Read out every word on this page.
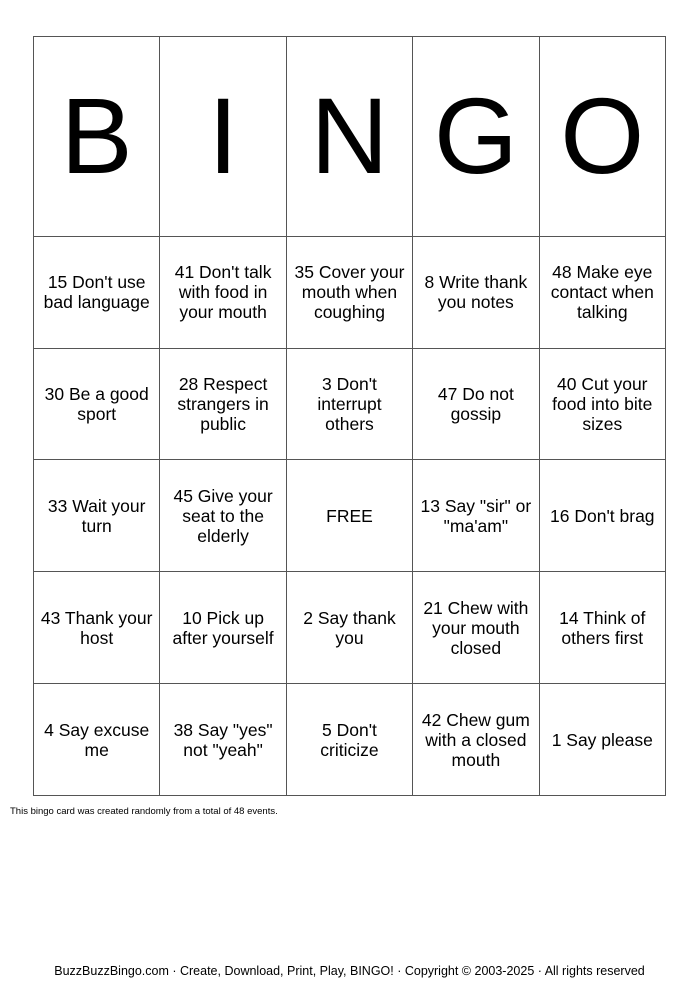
B	I	N	G	O
15 Don't use bad language	41 Don't talk with food in your mouth	35 Cover your mouth when coughing	8 Write thank you notes	48 Make eye contact when talking
30 Be a good sport	28 Respect strangers in public	3 Don't interrupt others	47 Do not gossip	40 Cut your food into bite sizes
33 Wait your turn	45 Give your seat to the elderly	FREE	13 Say "sir" or "ma'am"	16 Don't brag
43 Thank your host	10 Pick up after yourself	2 Say thank you	21 Chew with your mouth closed	14 Think of others first
4 Say excuse me	38 Say "yes" not "yeah"	5 Don't criticize	42 Chew gum with a closed mouth	1 Say please
This bingo card was created randomly from a total of 48 events.
BuzzBuzzBingo.com · Create, Download, Print, Play, BINGO! · Copyright © 2003-2025 · All rights reserved
